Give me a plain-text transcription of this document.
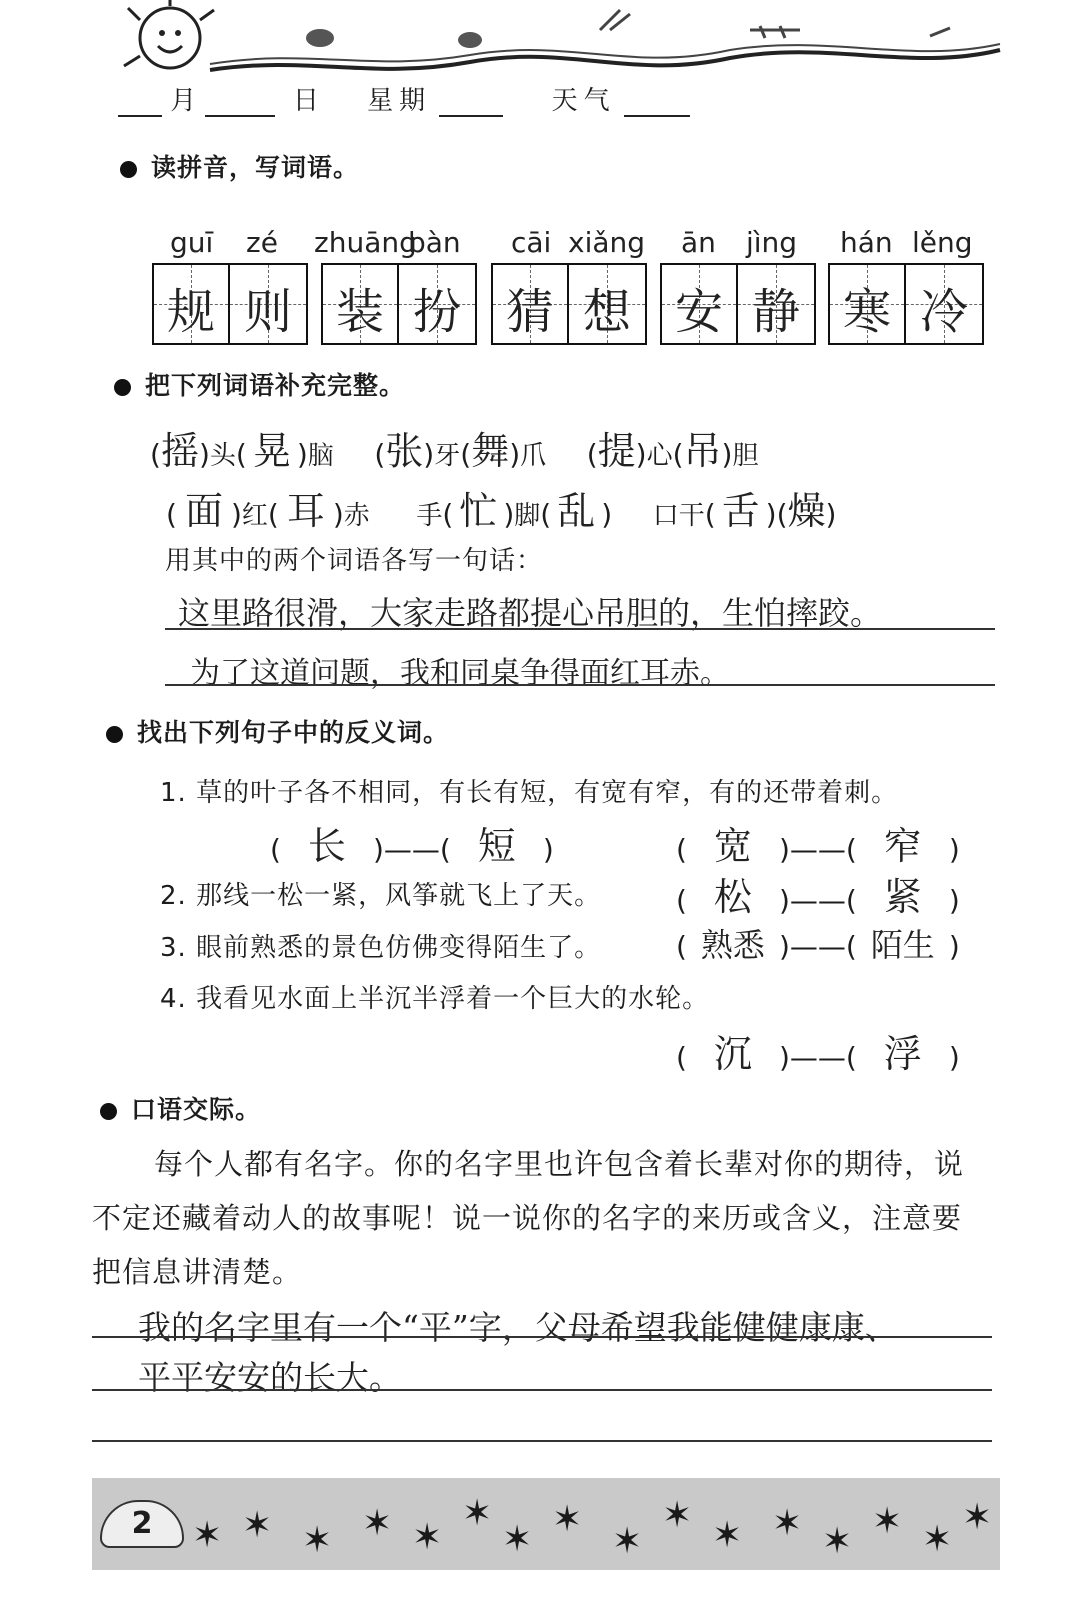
月	日 星期	天气
读拼音，写词语。
guī zé zhuāng
bàn cāi xiǎng ān jìng hán lěng
规 则 装 扮 猜 想 安 静 寒 冷
把下列词语补充完整。
(摇)头( 晃 )脑 (张)牙(舞)爪 (提)心(吊)胆
( 面 )红( 耳 )赤 手( 忙 )脚( 乱 ) 口干( 舌 )(燥)
用其中的两个词语各写一句话：
这里路很滑，大家走路都提心吊胆的，生怕摔跤。
为了这道问题，我和同桌争得面红耳赤。
找出下列句子中的反义词。
1. 草的叶子各不相同，有长有短，有宽有窄，有的还带着刺。
( 长 )——( 短 )	( 宽 )——( 窄 )
2. 那线一松一紧，风筝就飞上了天。	( 松 )——( 紧 )
3. 眼前熟悉的景色仿佛变得陌生了。	( 熟悉 )——( 陌生 )
4. 我看见水面上半沉半浮着一个巨大的水轮。
( 沉 )——( 浮 )
口语交际。
每个人都有名字。你的名字里也许包含着长辈对你的期待，说
不定还藏着动人的故事呢！说一说你的名字的来历或含义，注意要
把信息讲清楚。
我的名字里有一个“平”字，父母希望我能健健康康、
平平安安的长大。
2	✶ ✶ ✶ ✶ ✶
✶
✶ ✶
✶
✶ ✶ ✶ ✶ ✶ ✶
✶
